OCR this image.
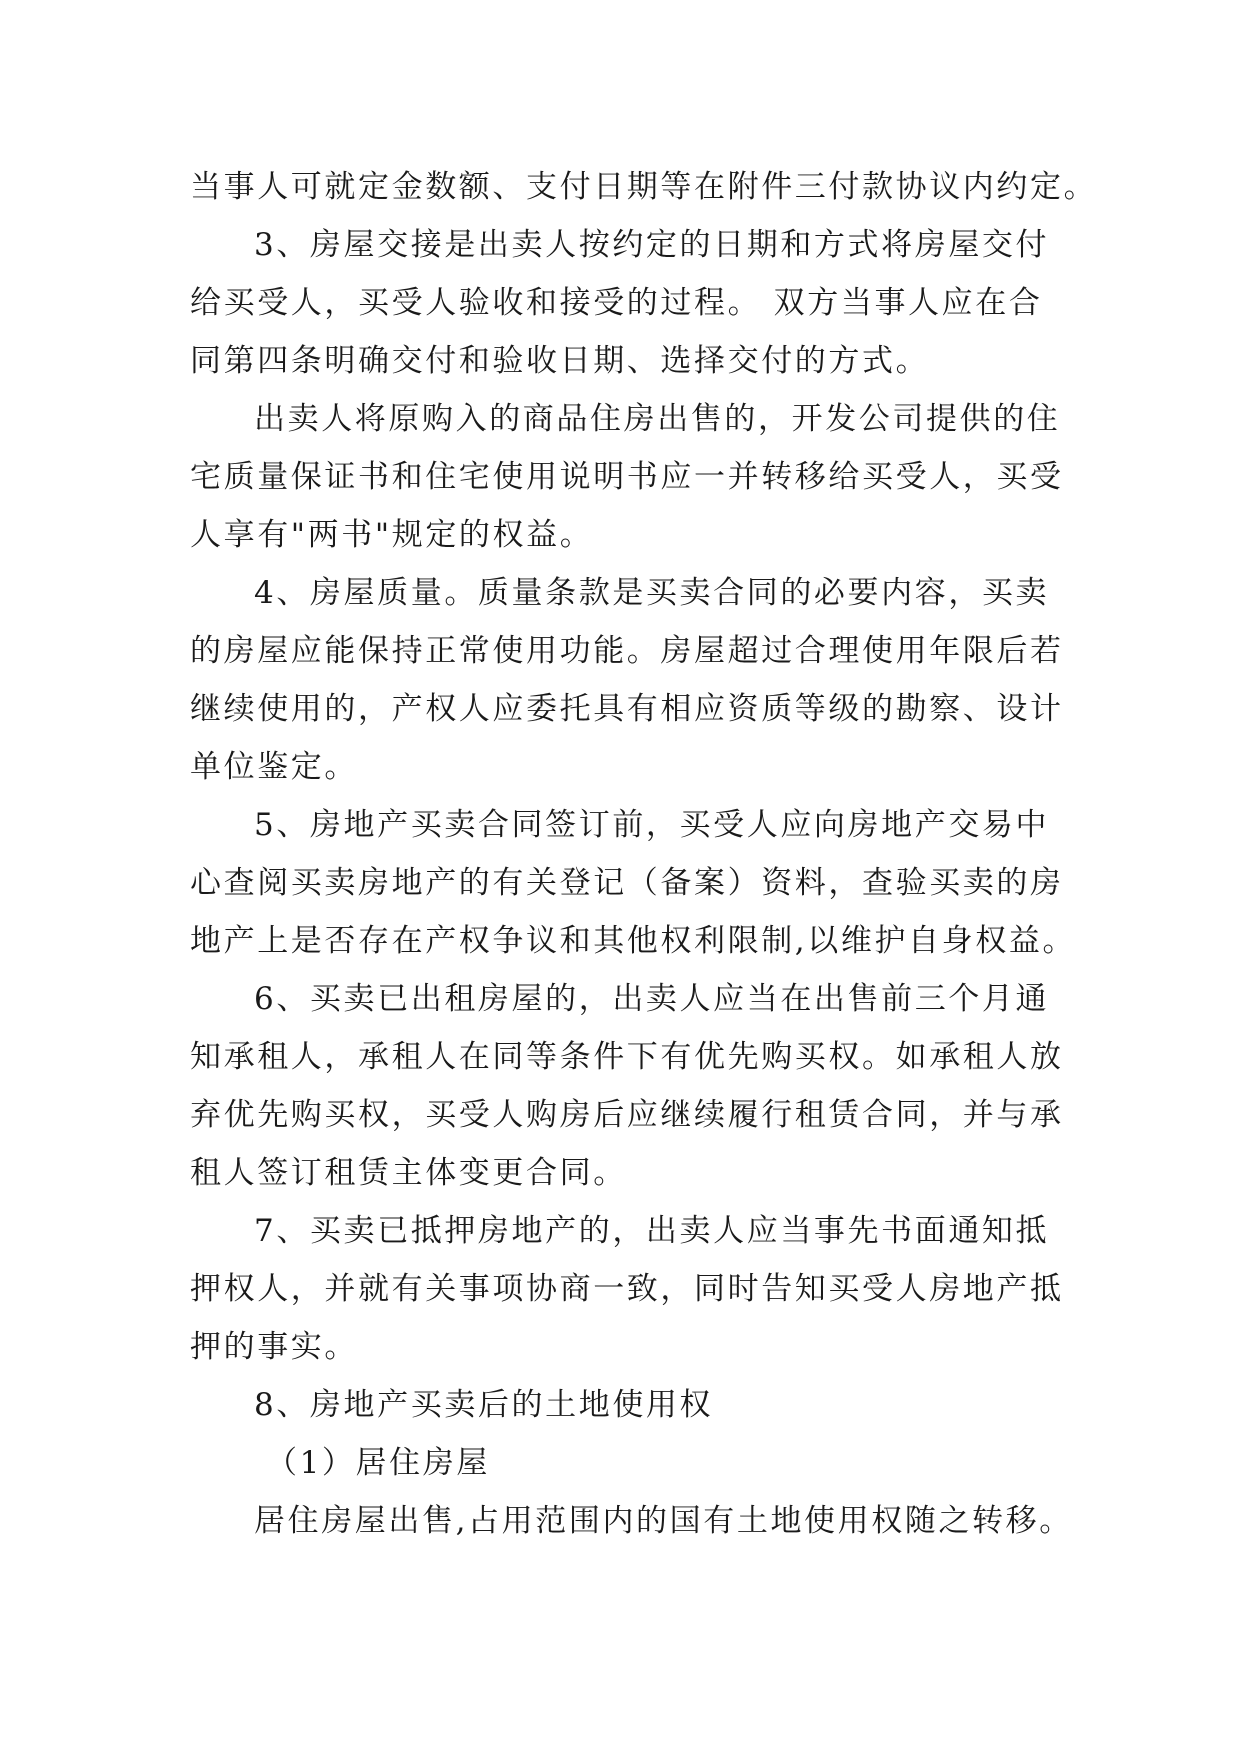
当事人可就定金数额、支付日期等在附件三付款协议内约定。

3、房屋交接是出卖人按约定的日期和方式将房屋交付
给买受人，买受人验收和接受的过程。 双方当事人应在合
同第四条明确交付和验收日期、选择交付的方式。

出卖人将原购入的商品住房出售的，开发公司提供的住
宅质量保证书和住宅使用说明书应一并转移给买受人，买受
人享有"两书"规定的权益。

4、房屋质量。质量条款是买卖合同的必要内容，买卖
的房屋应能保持正常使用功能。房屋超过合理使用年限后若
继续使用的，产权人应委托具有相应资质等级的勘察、设计
单位鉴定。

5、房地产买卖合同签订前，买受人应向房地产交易中
心查阅买卖房地产的有关登记（备案）资料，查验买卖的房
地产上是否存在产权争议和其他权利限制,以维护自身权益。

6、买卖已出租房屋的，出卖人应当在出售前三个月通
知承租人，承租人在同等条件下有优先购买权。如承租人放
弃优先购买权，买受人购房后应继续履行租赁合同，并与承
租人签订租赁主体变更合同。

7、买卖已抵押房地产的，出卖人应当事先书面通知抵
押权人，并就有关事项协商一致，同时告知买受人房地产抵
押的事实。

8、房地产买卖后的土地使用权

（1）居住房屋

居住房屋出售,占用范围内的国有土地使用权随之转移。
